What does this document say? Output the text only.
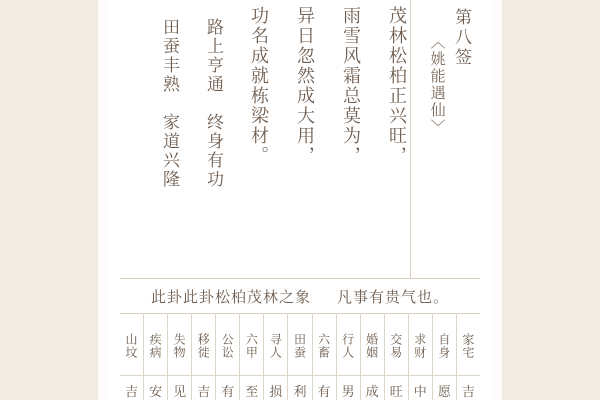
第八签
〈姚能遇仙〉
茂林松柏正兴旺，
雨雪风霜总莫为，
异日忽然成大用，
功名成就栋梁材。
路上亨通　终身有功
田蚕丰熟　家道兴隆
此卦此卦松柏茂林之象 凡事有贵气也。
山坟
吉
疾病
安
失物
见
移徙
吉
公讼
有
六甲
至
寻人
损
田蚕
利
六畜
有
行人
男
婚姻
成
交易
旺
求财
中
自身
愿
家宅
吉
